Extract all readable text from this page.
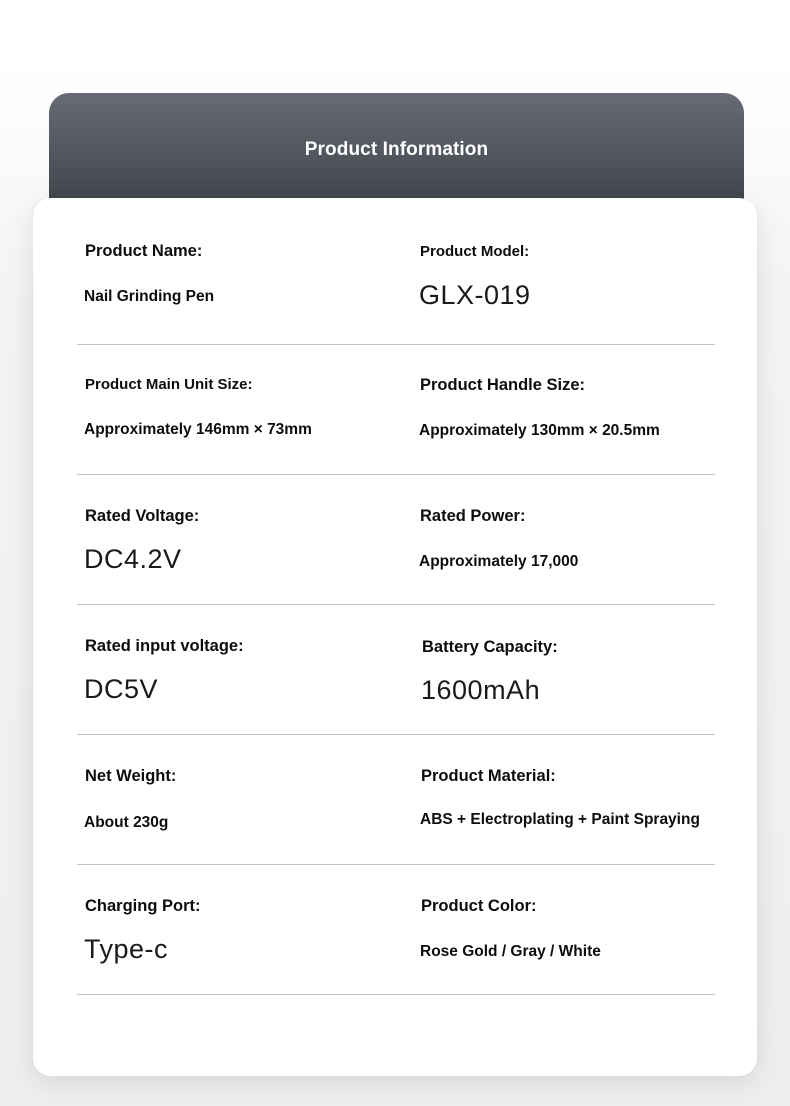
Product Information
Product Name:
Nail Grinding Pen
Product Model:
GLX-019
Product Main Unit Size:
Approximately 146mm × 73mm
Product Handle Size:
Approximately 130mm × 20.5mm
Rated Voltage:
DC4.2V
Rated Power:
Approximately 17,000
Rated input voltage:
DC5V
Battery Capacity:
1600mAh
Net Weight:
About 230g
Product Material:
ABS + Electroplating + Paint Spraying
Charging Port:
Type-c
Product Color:
Rose Gold / Gray / White
